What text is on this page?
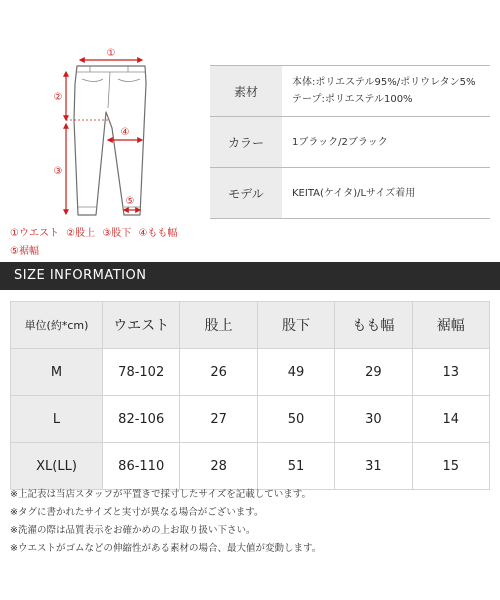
①
②
③
④
⑤
①ウエスト ②股上 ③股下 ④もも幅
⑤裾幅
素材	本体:ポリエステル95%/ポリウレタン5%
テープ:ポリエステル100%

カラー	1ブラック/2ブラック

モデル	KEITA(ケイタ)/Lサイズ着用
SIZE INFORMATION
単位(約*cm)	ウエスト	股上	股下	もも幅	裾幅
M	78-102	26	49	29	13
L	82-106	27	50	30	14
XL(LL)	86-110	28	51	31	15
※上記表は当店スタッフが平置きで採寸したサイズを記載しています。
※タグに書かれたサイズと実寸が異なる場合がございます。
※洗濯の際は品質表示をお確かめの上お取り扱い下さい。
※ウエストがゴムなどの伸縮性がある素材の場合、最大値が変動します。
